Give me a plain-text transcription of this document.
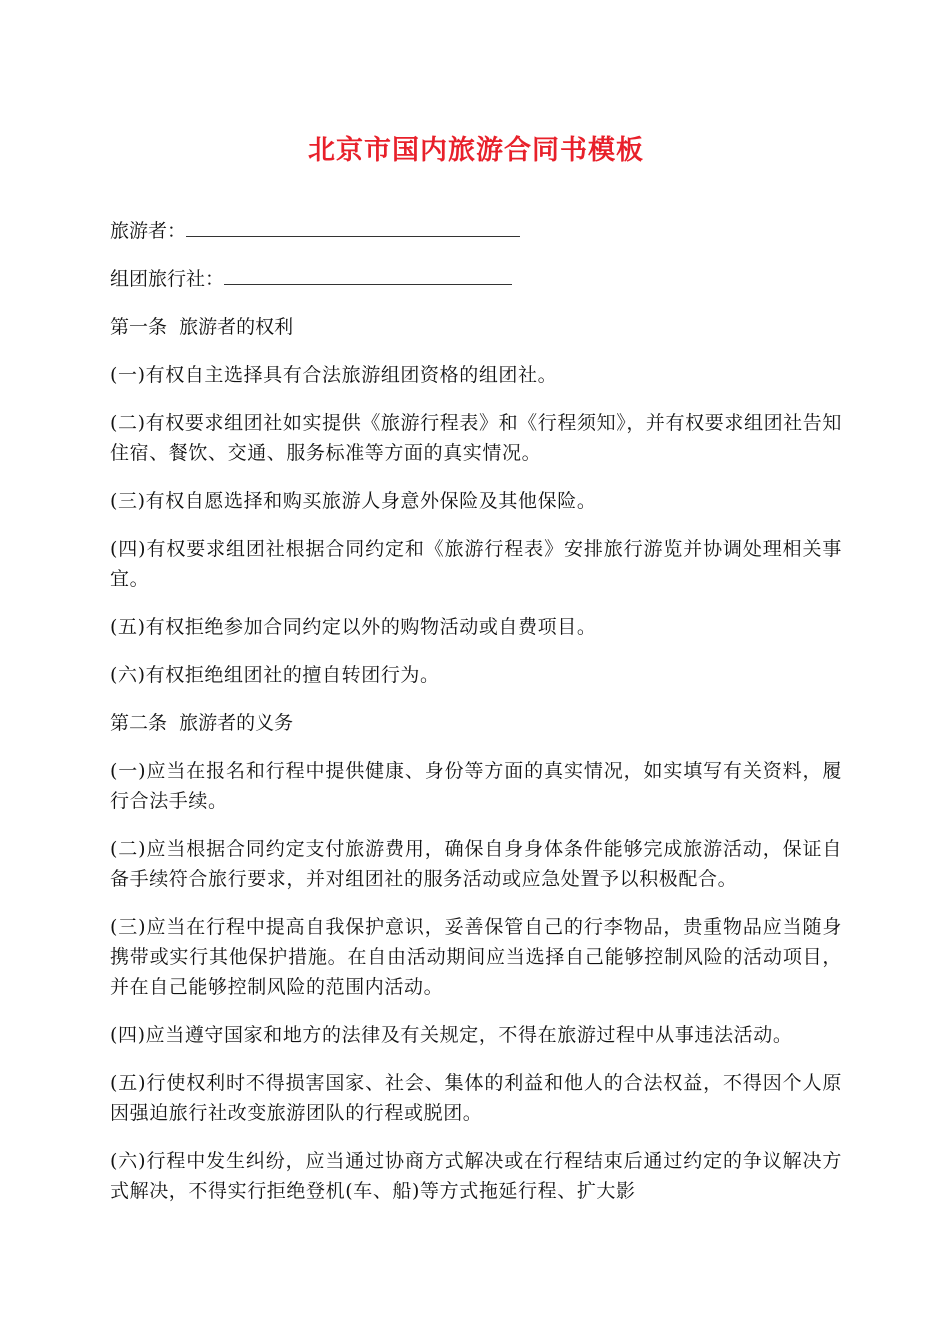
北京市国内旅游合同书模板

旅游者：

组团旅行社：

第一条  旅游者的权利

(一)有权自主选择具有合法旅游组团资格的组团社。

(二)有权要求组团社如实提供《旅游行程表》和《行程须知》，并有权要求组团社告知住宿、餐饮、交通、服务标准等方面的真实情况。

(三)有权自愿选择和购买旅游人身意外保险及其他保险。

(四)有权要求组团社根据合同约定和《旅游行程表》安排旅行游览并协调处理相关事宜。

(五)有权拒绝参加合同约定以外的购物活动或自费项目。

(六)有权拒绝组团社的擅自转团行为。

第二条  旅游者的义务

(一)应当在报名和行程中提供健康、身份等方面的真实情况，如实填写有关资料，履行合法手续。

(二)应当根据合同约定支付旅游费用，确保自身身体条件能够完成旅游活动，保证自备手续符合旅行要求，并对组团社的服务活动或应急处置予以积极配合。

(三)应当在行程中提高自我保护意识，妥善保管自己的行李物品，贵重物品应当随身携带或实行其他保护措施。在自由活动期间应当选择自己能够控制风险的活动项目，并在自己能够控制风险的范围内活动。

(四)应当遵守国家和地方的法律及有关规定，不得在旅游过程中从事违法活动。

(五)行使权利时不得损害国家、社会、集体的利益和他人的合法权益，不得因个人原因强迫旅行社改变旅游团队的行程或脱团。

(六)行程中发生纠纷，应当通过协商方式解决或在行程结束后通过约定的争议解决方式解决，不得实行拒绝登机(车、船)等方式拖延行程、扩大影
